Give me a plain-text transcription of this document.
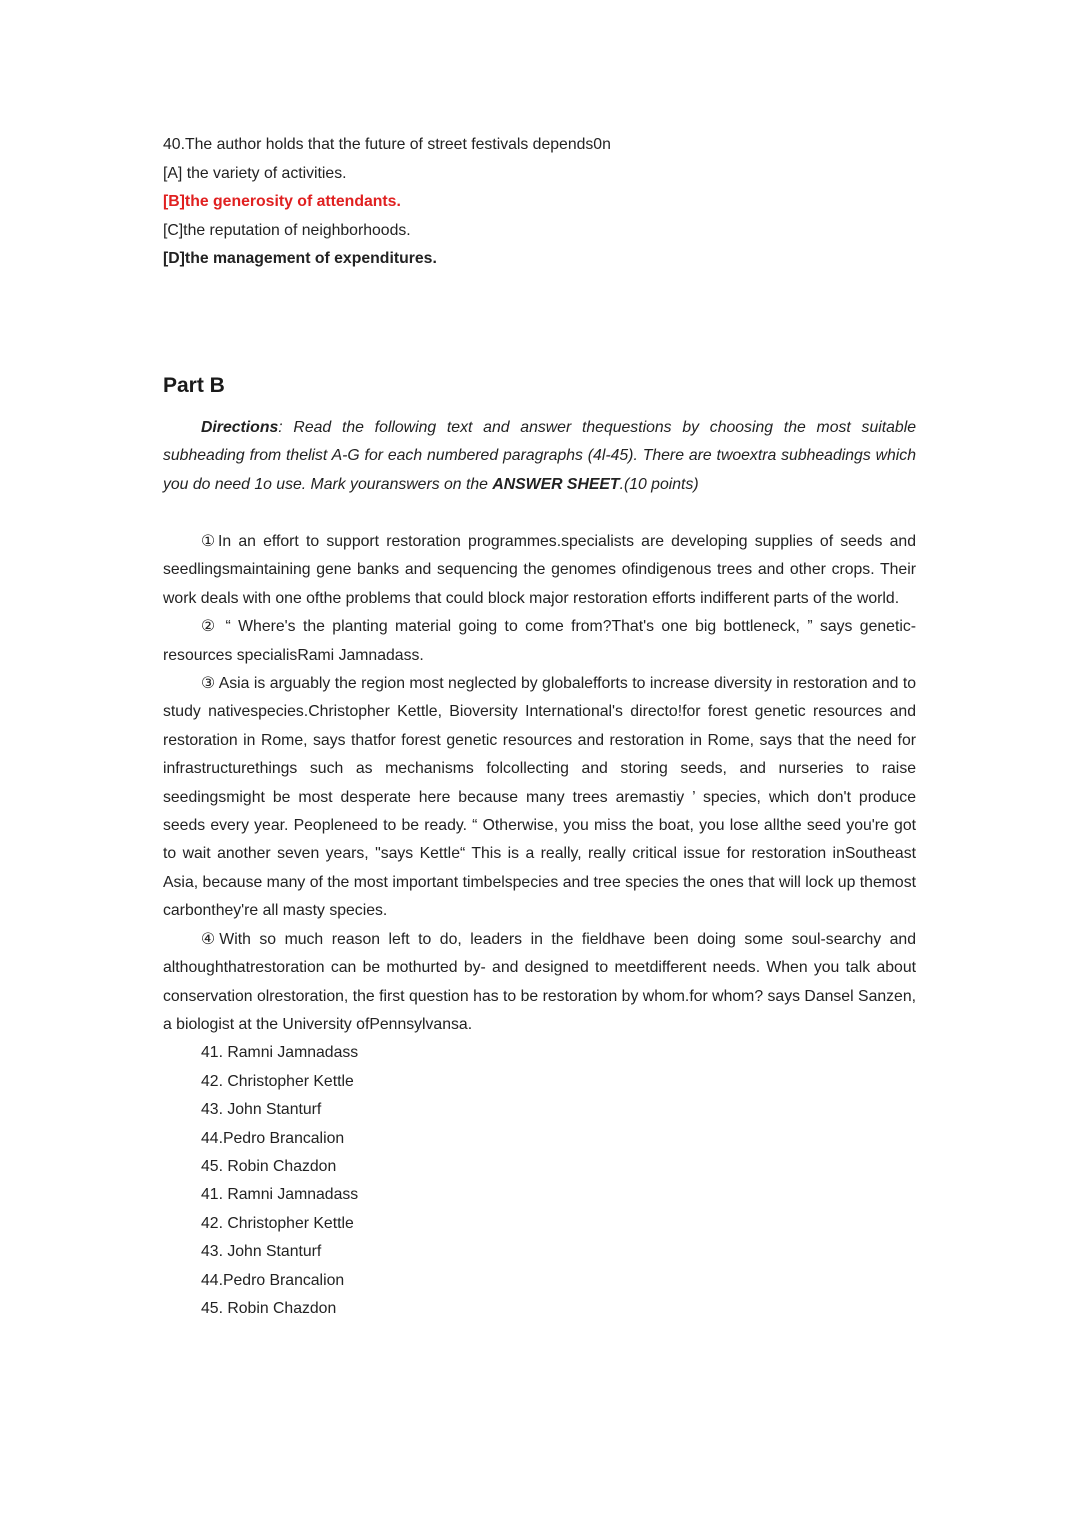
40.The author holds that the future of street festivals depends0n
[A] the variety of activities.
[B]the generosity of attendants.
[C]the reputation of neighborhoods.
[D]the management of expenditures.
Part B

Directions: Read the following text and answer thequestions by choosing the most suitable subheading from thelist A-G for each numbered paragraphs (4l-45). There are twoextra subheadings which you do need 1o use. Mark youranswers on the ANSWER SHEET.(10 points)

①In an effort to support restoration programmes.specialists are developing supplies of seeds and seedlingsmaintaining gene banks and sequencing the genomes ofindigenous trees and other crops. Their work deals with one ofthe problems that could block major restoration efforts indifferent parts of the world.

② “ Where's the planting material going to come from?That's one big bottleneck, ” says genetic-resources specialisRami Jamnadass.

③ Asia is arguably the region most neglected by globalefforts to increase diversity in restoration and to study nativespecies.Christopher Kettle, Bioversity International's directo!for forest genetic resources and restoration in Rome, says thatfor forest genetic resources and restoration in Rome, says that the need for infrastructurethings such as mechanisms folcollecting and storing seeds, and nurseries to raise seedingsmight be most desperate here because many trees aremastiy ’ species, which don't produce seeds every year. Peopleneed to be ready. “ Otherwise, you miss the boat, you lose allthe seed you're got to wait another seven years, "says Kettle“ This is a really, really critical issue for restoration inSoutheast Asia, because many of the most important timbelspecies and tree species the ones that will lock up themost carbonthey're all masty species.

④With so much reason left to do, leaders in the fieldhave been doing some soul-searchy and althoughthatrestoration can be mothurted by- and designed to meetdifferent needs. When you talk about conservation olrestoration, the first question has to be restoration by whom.for whom? says Dansel Sanzen, a biologist at the University ofPennsylvansa.

41. Ramni Jamnadass
42. Christopher Kettle
43. John Stanturf
44.Pedro Brancalion
45. Robin Chazdon
41. Ramni Jamnadass
42. Christopher Kettle
43. John Stanturf
44.Pedro Brancalion
45. Robin Chazdon
